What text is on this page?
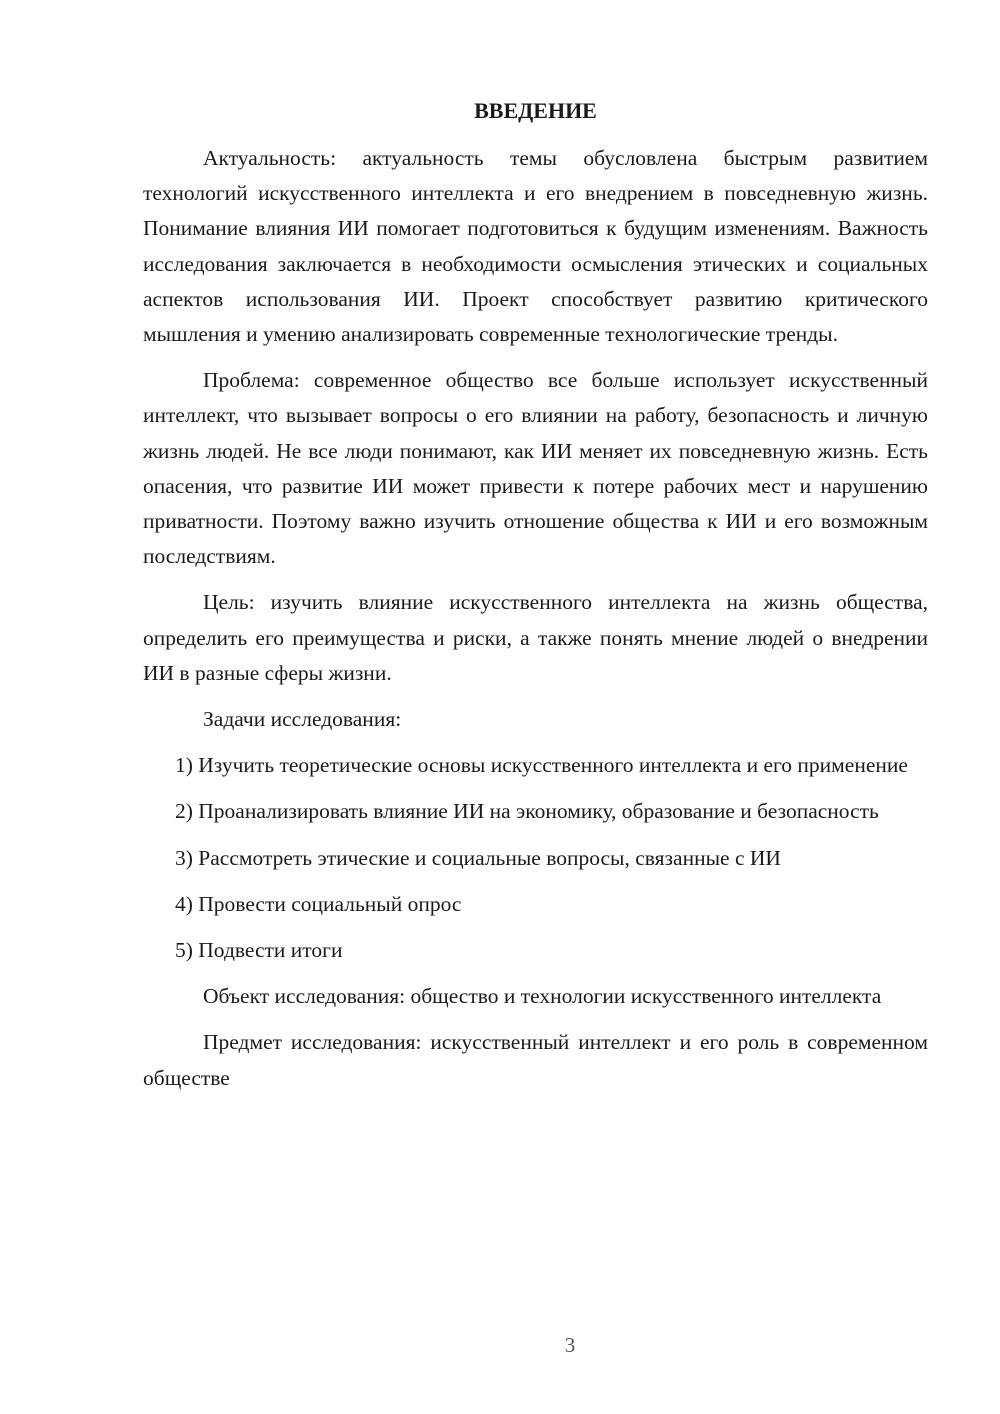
ВВЕДЕНИЕ

Актуальность: актуальность темы обусловлена быстрым развитием технологий искусственного интеллекта и его внедрением в повседневную жизнь. Понимание влияния ИИ помогает подготовиться к будущим изменениям. Важность исследования заключается в необходимости осмысления этических и социальных аспектов использования ИИ. Проект способствует развитию критического мышления и умению анализировать современные технологические тренды.

Проблема: современное общество все больше использует искусственный интеллект, что вызывает вопросы о его влиянии на работу, безопасность и личную жизнь людей. Не все люди понимают, как ИИ меняет их повседневную жизнь. Есть опасения, что развитие ИИ может привести к потере рабочих мест и нарушению приватности. Поэтому важно изучить отношение общества к ИИ и его возможным последствиям.

Цель: изучить влияние искусственного интеллекта на жизнь общества, определить его преимущества и риски, а также понять мнение людей о внедрении ИИ в разные сферы жизни.

Задачи исследования:

1) Изучить теоретические основы искусственного интеллекта и его применение

2) Проанализировать влияние ИИ на экономику, образование и безопасность

3) Рассмотреть этические и социальные вопросы, связанные с ИИ

4) Провести социальный опрос

5) Подвести итоги

Объект исследования: общество и технологии искусственного интеллекта

Предмет исследования: искусственный интеллект и его роль в современном обществе

3
